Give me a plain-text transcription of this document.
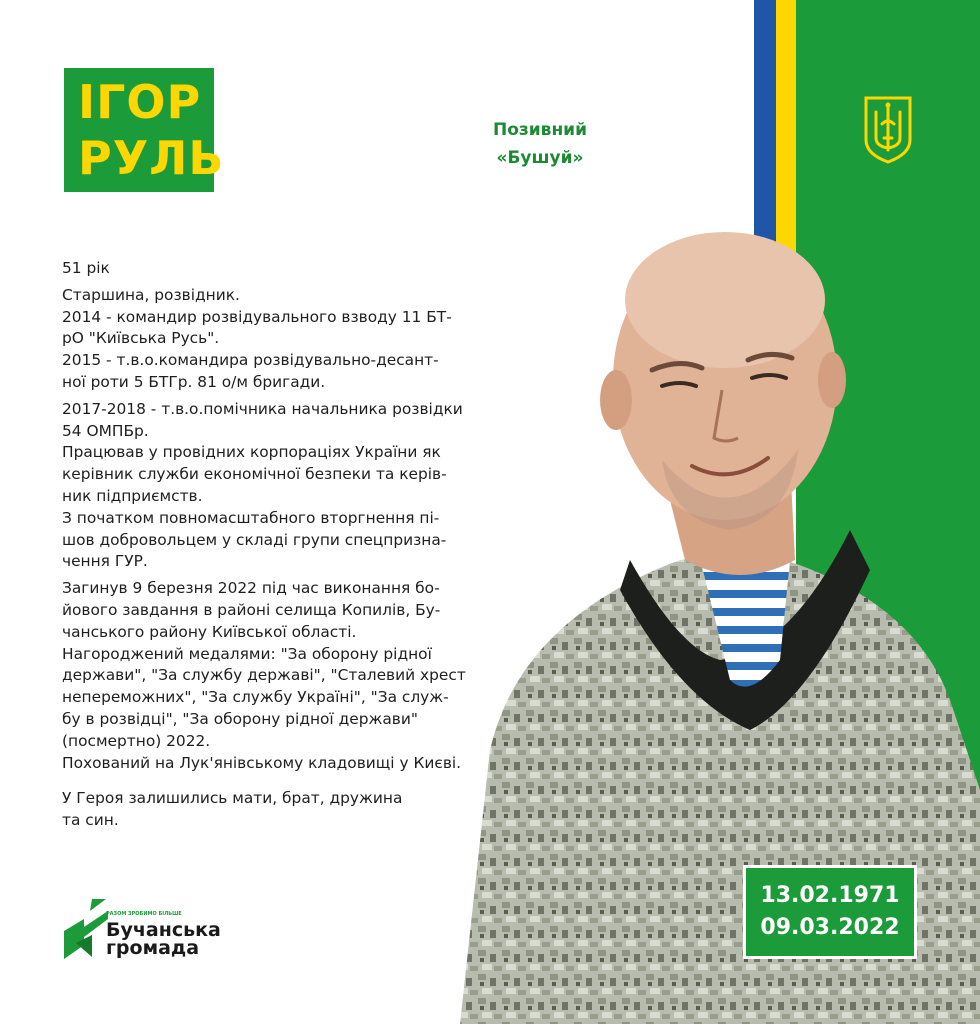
ІГОР
РУЛЬ
Позивний
«Бушуй»

51 рік

Старшина, розвідник.
2014 - командир розвідувального взводу 11 БТ-
рО "Київська Русь".
2015 - т.в.о.командира розвідувально-десант-
ної роти 5 БТГр. 81 о/м бригади.

2017-2018 - т.в.о.помічника начальника розвідки
54 ОМПБр.
Працював у провідних корпораціях України як
керівник служби економічної безпеки та керів-
ник підприємств.
З початком повномасштабного вторгнення пі-
шов добровольцем у складі групи спецпризна-
чення ГУР.

Загинув 9 березня 2022 під час виконання бо-
йового завдання в районі селища Копилів, Бу-
чанського району Київської області.
Нагороджений медалями: "За оборону рідної
держави", "За службу державі", "Сталевий хрест
непереможних", "За службу Україні", "За служ-
бу в розвідці", "За оборону рідної держави"
(посмертно) 2022.
Похований на Лук'янівському кладовищі у Києві.

У Героя залишились мати, брат, дружина
та син.

13.02.1971
09.03.2022
РАЗОМ ЗРОБИМО БІЛЬШЕ
Бучанська
громада
